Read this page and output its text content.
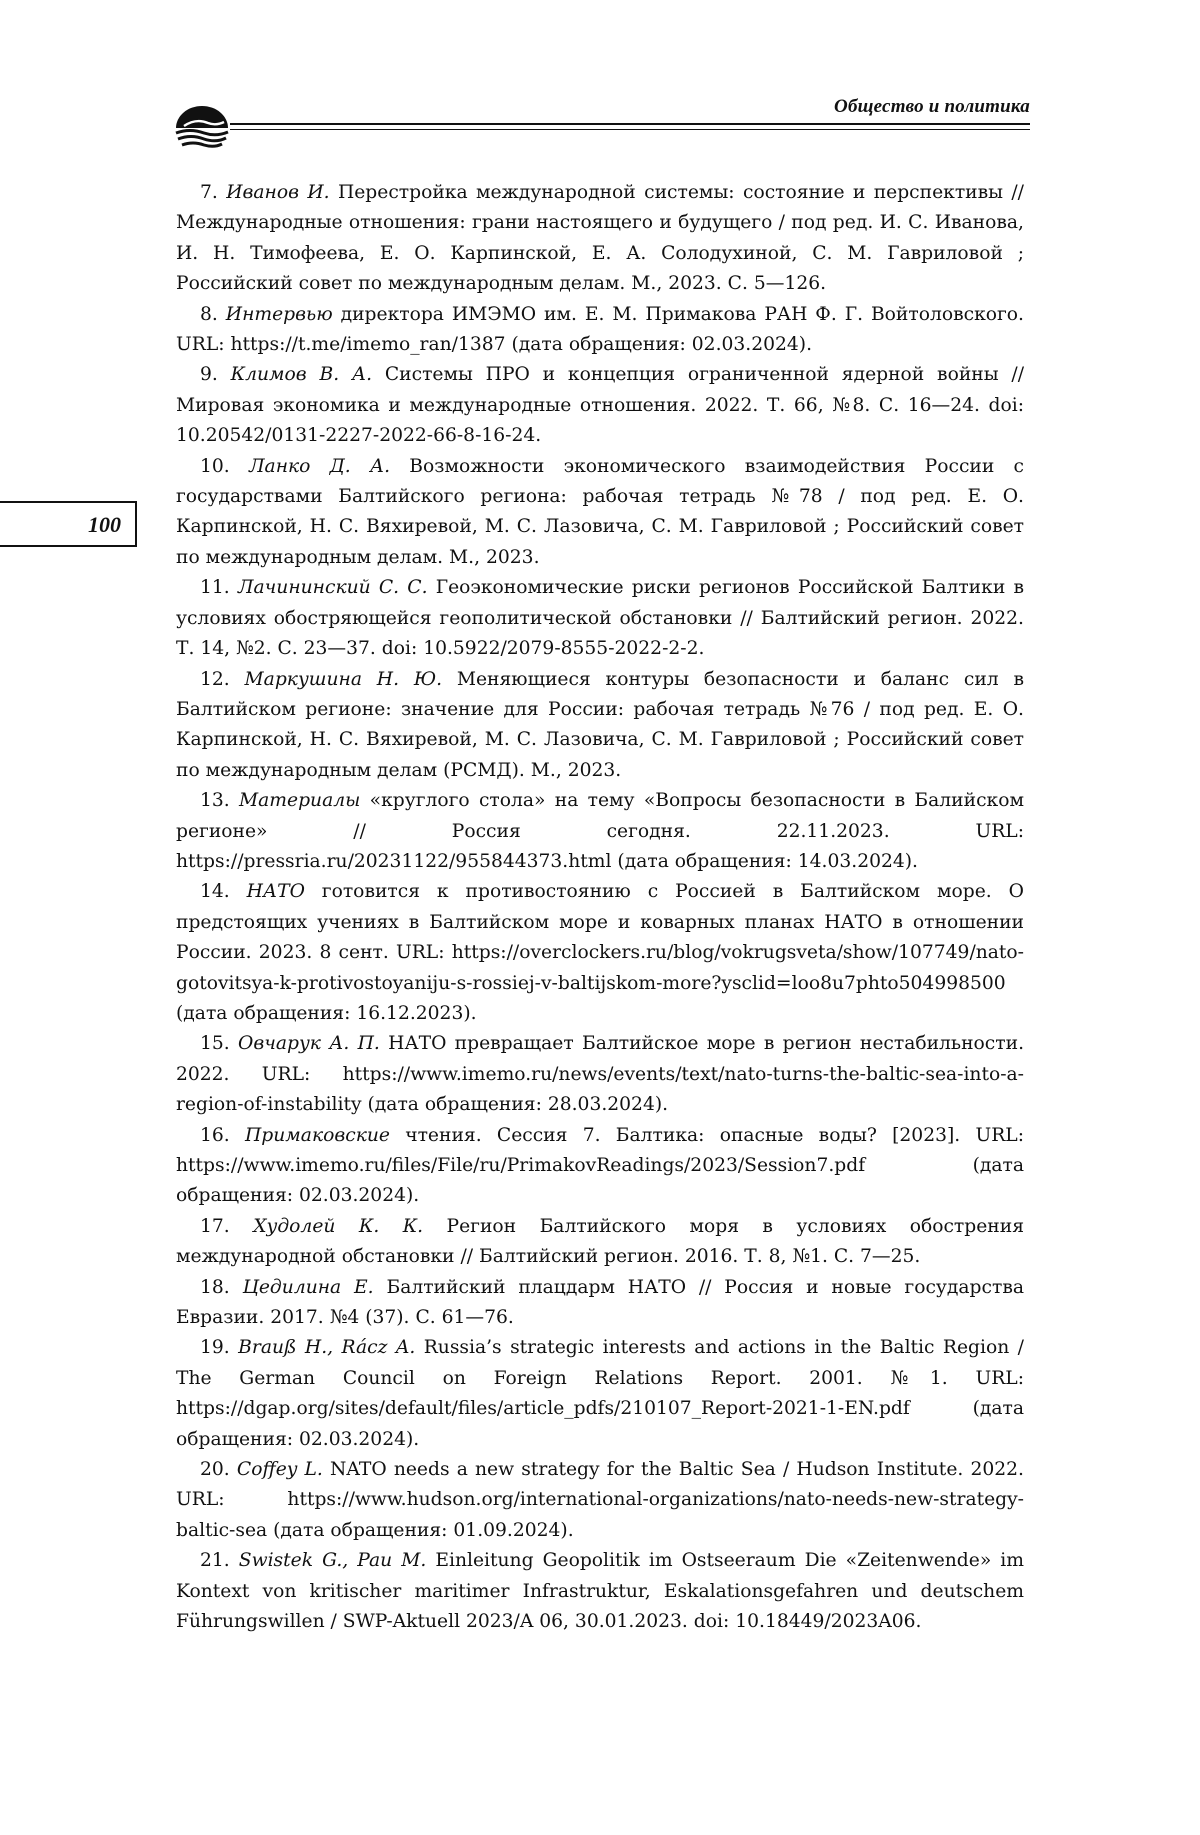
Общество и политика
100

7. Иванов И. Перестройка международной системы: состояние и перспективы // Международные отношения: грани настоящего и будущего / под ред. И. С. Иванова, И. Н. Тимофеева, Е. О. Карпинской, Е. А. Солодухиной, С. М. Гавриловой ; Российский совет по международным делам. М., 2023. С. 5—126.

8. Интервью директора ИМЭМО им. Е. М. Примакова РАН Ф. Г. Войтоловского. URL: https://t.me/imemo_ran/1387 (дата обращения: 02.03.2024).

9. Климов В. А. Системы ПРО и концепция ограниченной ядерной войны // Мировая экономика и международные отношения. 2022. Т. 66, №8. С. 16—24. doi: 10.20542/0131-2227-2022-66-8-16-24.

10. Ланко Д. А. Возможности экономического взаимодействия России с государствами Балтийского региона: рабочая тетрадь №78 / под ред. Е. О. Карпинской, Н. С. Вяхиревой, М. С. Лазовича, С. М. Гавриловой ; Российский совет по международным делам. М., 2023.

11. Лачининский С. С. Геоэкономические риски регионов Российской Балтики в условиях обостряющейся геополитической обстановки // Балтийский регион. 2022. Т. 14, №2. С. 23—37. doi: 10.5922/2079-8555-2022-2-2.

12. Маркушина Н. Ю. Меняющиеся контуры безопасности и баланс сил в Балтийском регионе: значение для России: рабочая тетрадь №76 / под ред. Е. О. Карпинской, Н. С. Вяхиревой, М. С. Лазовича, С. М. Гавриловой ; Российский совет по международным делам (РСМД). М., 2023.

13. Материалы «круглого стола» на тему «Вопросы безопасности в Балийском регионе» // Россия сегодня. 22.11.2023. URL: https://pressria.ru/20231122/955844373.html (дата обращения: 14.03.2024).

14. НАТО готовится к противостоянию с Россией в Балтийском море. О предстоящих учениях в Балтийском море и коварных планах НАТО в отношении России. 2023. 8 сент. URL: https://overclockers.ru/blog/vokrugsveta/show/107749/nato-gotovitsya-k-protivostoyaniju-s-rossiej-v-baltijskom-more?ysclid=loo8u7phto504998500 (дата обращения: 16.12.2023).

15. Овчарук А. П. НАТО превращает Балтийское море в регион нестабильности. 2022. URL: https://www.imemo.ru/news/events/text/nato-turns-the-baltic-sea-into-a-region-of-instability (дата обращения: 28.03.2024).

16. Примаковские чтения. Сессия 7. Балтика: опасные воды? [2023]. URL: https://www.imemo.ru/files/File/ru/PrimakovReadings/2023/Session7.pdf (дата обращения: 02.03.2024).

17. Худолей К. К. Регион Балтийского моря в условиях обострения международной обстановки // Балтийский регион. 2016. Т. 8, №1. С. 7—25.

18. Цедилина Е. Балтийский плацдарм НАТО // Россия и новые государства Евразии. 2017. №4 (37). С. 61—76.

19. Brauß H., Rácz A. Russia’s strategic interests and actions in the Baltic Region / The German Council on Foreign Relations Report. 2001. №1. URL: https://dgap.org/sites/default/files/article_pdfs/210107_Report-2021-1-EN.pdf (дата обращения: 02.03.2024).

20. Coffey L. NATO needs a new strategy for the Baltic Sea / Hudson Institute. 2022. URL: https://www.hudson.org/international-organizations/nato-needs-new-strategy-baltic-sea (дата обращения: 01.09.2024).

21. Swistek G., Pau M. Einleitung Geopolitik im Ostseeraum Die «Zeitenwende» im Kontext von kritischer maritimer Infrastruktur, Eskalationsgefahren und deutschem Führungswillen / SWP-Aktuell 2023/A 06, 30.01.2023. doi: 10.18449/2023A06.
